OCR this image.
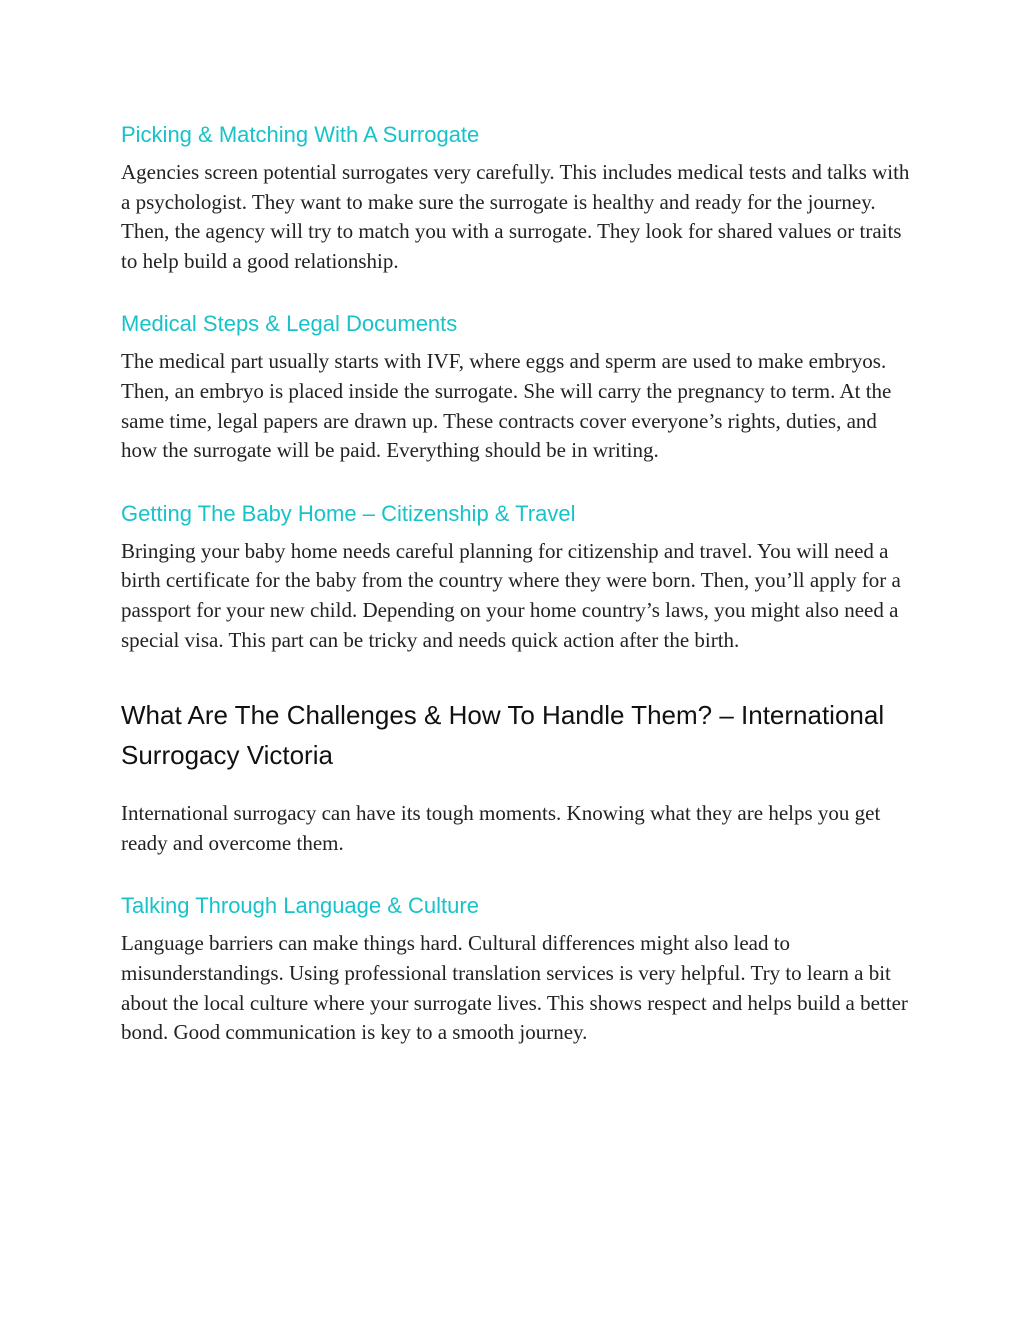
Picking & Matching With A Surrogate

Agencies screen potential surrogates very carefully. This includes medical tests and talks with a psychologist. They want to make sure the surrogate is healthy and ready for the journey. Then, the agency will try to match you with a surrogate. They look for shared values or traits to help build a good relationship.

Medical Steps & Legal Documents

The medical part usually starts with IVF, where eggs and sperm are used to make embryos. Then, an embryo is placed inside the surrogate. She will carry the pregnancy to term. At the same time, legal papers are drawn up. These contracts cover everyone’s rights, duties, and how the surrogate will be paid. Everything should be in writing.

Getting The Baby Home – Citizenship & Travel

Bringing your baby home needs careful planning for citizenship and travel. You will need a birth certificate for the baby from the country where they were born. Then, you’ll apply for a passport for your new child. Depending on your home country’s laws, you might also need a special visa. This part can be tricky and needs quick action after the birth.

What Are The Challenges & How To Handle Them? – International Surrogacy Victoria

International surrogacy can have its tough moments. Knowing what they are helps you get ready and overcome them.

Talking Through Language & Culture

Language barriers can make things hard. Cultural differences might also lead to misunderstandings. Using professional translation services is very helpful. Try to learn a bit about the local culture where your surrogate lives. This shows respect and helps build a better bond. Good communication is key to a smooth journey.
